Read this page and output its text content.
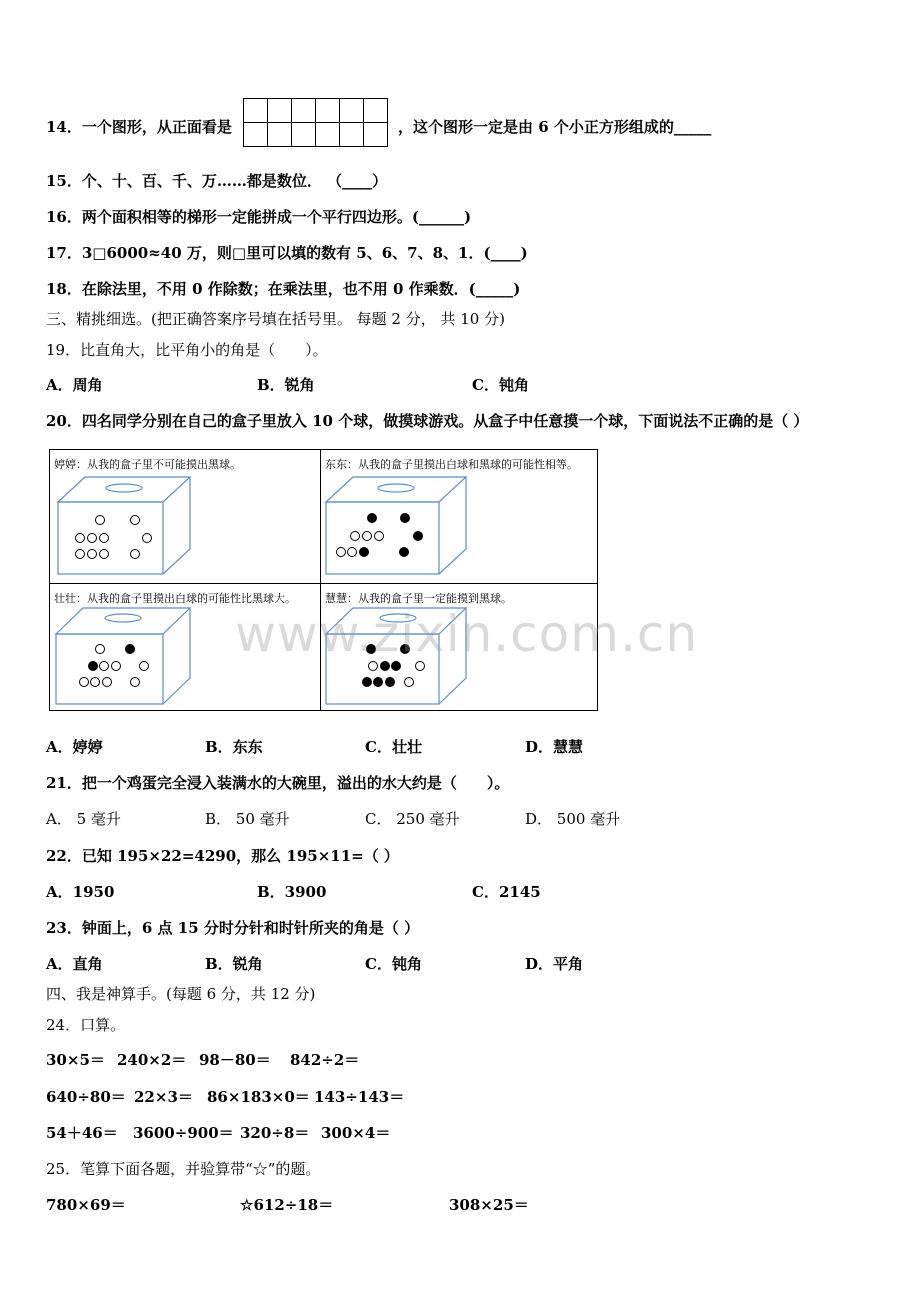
14．一个图形，从正面看是

						，这个图形一定是由 6 个小正方形组成的_____
15．个、十、百、千、万……都是数位． （____）
16．两个面积相等的梯形一定能拼成一个平行四边形。(______)
17．3□6000≈40 万，则□里可以填的数有 5、6、7、8、1．(____)
18．在除法里，不用 0 作除数；在乘法里，也不用 0 作乘数．(_____)
三、精挑细选。(把正确答案序号填在括号里。 每题 2 分， 共 10 分)
19．比直角大，比平角小的角是（　　）。
A．周角	B．锐角	C．钝角
20．四名同学分别在自己的盒子里放入 10 个球，做摸球游戏。从盒子中任意摸一个球，下面说法不正确的是（ ）
婷婷：从我的盒子里不可能摸出黑球。	东东：从我的盒子里摸出白球和黑球的可能性相等。
壮壮：从我的盒子里摸出白球的可能性比黑球大。	慧慧：从我的盒子里一定能摸到黑球。
www.zixin.com.cn
A．婷婷	B．东东	C．壮壮	D．慧慧
21．把一个鸡蛋完全浸入装满水的大碗里，溢出的水大约是（　　）。
A． 5 毫升	B． 50 毫升	C． 250 毫升	D． 500 毫升
22．已知 195×22=4290，那么 195×11=（ ）
A．1950	B．3900	C．2145
23．钟面上，6 点 15 分时分针和时针所夹的角是（ ）
A．直角	B．锐角	C．钝角	D．平角
四、我是神算手。(每题 6 分，共 12 分)
24．口算。
30×5＝ 240×2＝ 98－80＝ 842÷2＝
640÷80＝ 22×3＝ 86×183×0＝ 143÷143＝
54＋46＝ 3600÷900＝ 320÷8＝ 300×4＝
25．笔算下面各题，并验算带“☆”的题。
780×69＝	☆612÷18＝	308×25＝
